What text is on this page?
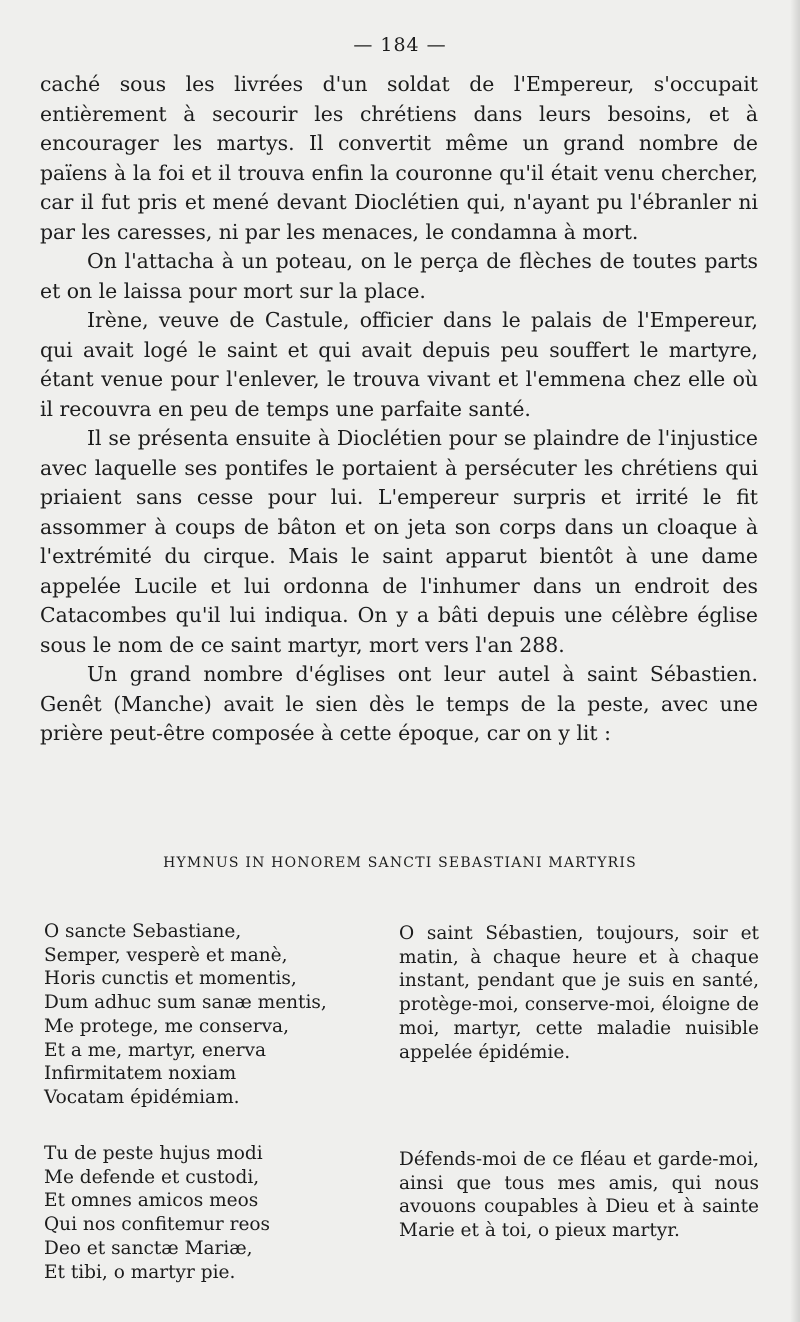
— 184 —

caché sous les livrées d'un soldat de l'Empereur, s'occupait entièrement à secourir les chrétiens dans leurs besoins, et à encourager les martys. Il convertit même un grand nombre de païens à la foi et il trouva enfin la couronne qu'il était venu chercher, car il fut pris et mené devant Dioclétien qui, n'ayant pu l'ébranler ni par les caresses, ni par les menaces, le condamna à mort.

On l'attacha à un poteau, on le perça de flèches de toutes parts et on le laissa pour mort sur la place.

Irène, veuve de Castule, officier dans le palais de l'Empereur, qui avait logé le saint et qui avait depuis peu souffert le martyre, étant venue pour l'enlever, le trouva vivant et l'emmena chez elle où il recouvra en peu de temps une parfaite santé.

Il se présenta ensuite à Dioclétien pour se plaindre de l'injustice avec laquelle ses pontifes le portaient à persécuter les chrétiens qui priaient sans cesse pour lui. L'empereur surpris et irrité le fit assommer à coups de bâton et on jeta son corps dans un cloaque à l'extrémité du cirque. Mais le saint apparut bientôt à une dame appelée Lucile et lui ordonna de l'inhumer dans un endroit des Catacombes qu'il lui indiqua. On y a bâti depuis une célèbre église sous le nom de ce saint martyr, mort vers l'an 288.

Un grand nombre d'églises ont leur autel à saint Sébastien. Genêt (Manche) avait le sien dès le temps de la peste, avec une prière peut-être composée à cette époque, car on y lit :

HYMNUS IN HONOREM SANCTI SEBASTIANI MARTYRIS
O sancte Sebastiane,
Semper, vesperè et manè,
Horis cunctis et momentis,
Dum adhuc sum sanæ mentis,
Me protege, me conserva,
Et a me, martyr, enerva
Infirmitatem noxiam
Vocatam épidémiam.
O saint Sébastien, toujours, soir et matin, à chaque heure et à chaque instant, pendant que je suis en santé, protège-moi, conserve-moi, éloigne de moi, martyr, cette maladie nuisible appelée épidémie.
Tu de peste hujus modi
Me defende et custodi,
Et omnes amicos meos
Qui nos confitemur reos
Deo et sanctæ Mariæ,
Et tibi, o martyr pie.
Défends-moi de ce fléau et garde-moi, ainsi que tous mes amis, qui nous avouons coupables à Dieu et à sainte Marie et à toi, o pieux martyr.
